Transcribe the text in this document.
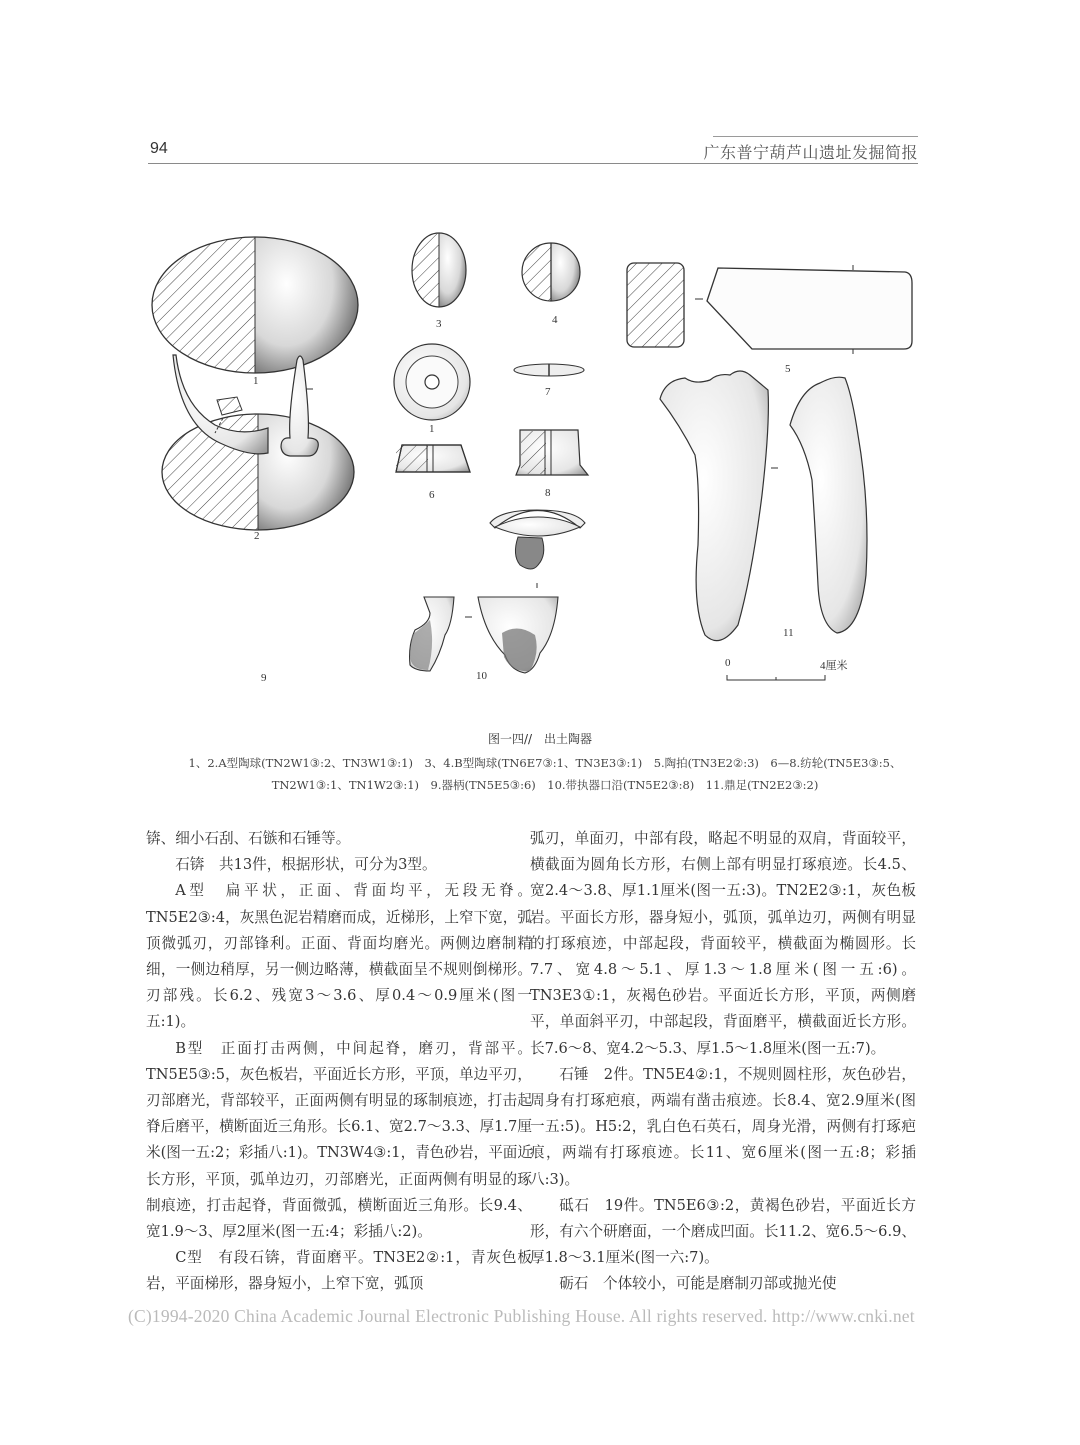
94	广东普宁葫芦山遗址发掘简报
1
2
3	4
5
1
6
7
8
9	10
11
0	4厘米
图一四//　出土陶器
1、2.A型陶球(TN2W1③:2、TN3W1③:1)　3、4.B型陶球(TN6E7③:1、TN3E3③:1)　5.陶拍(TN3E2②:3)　6—8.纺轮(TN5E3③:5、
TN2W1③:1、TN1W2③:1)　9.器柄(TN5E5③:6)　10.带执器口沿(TN5E2③:8)　11.鼎足(TN2E2③:2)

锛、细小石刮、石镞和石锤等。

石锛　共13件，根据形状，可分为3型。

A型　扁平状，正面、背面均平，无段无脊。TN5E2③:4，灰黑色泥岩精磨而成，近梯形，上窄下宽，弧顶微弧刃，刃部锋利。正面、背面均磨光。两侧边磨制精细，一侧边稍厚，另一侧边略薄，横截面呈不规则倒梯形。刃部残。长6.2、残宽3～3.6、厚0.4～0.9厘米(图一五:1)。

B型　正面打击两侧，中间起脊，磨刃，背部平。TN5E5③:5，灰色板岩，平面近长方形，平顶，单边平刃，刃部磨光，背部较平，正面两侧有明显的琢制痕迹，打击起脊后磨平，横断面近三角形。长6.1、宽2.7～3.3、厚1.7厘米(图一五:2；彩插八:1)。TN3W4③:1，青色砂岩，平面近长方形，平顶，弧单边刃，刃部磨光，正面两侧有明显的琢制痕迹，打击起脊，背面微弧，横断面近三角形。长9.4、宽1.9～3、厚2厘米(图一五:4；彩插八:2)。

C型　有段石锛，背面磨平。TN3E2②:1，青灰色板岩，平面梯形，器身短小，上窄下宽，弧顶

弧刃，单面刃，中部有段，略起不明显的双肩，背面较平，横截面为圆角长方形，右侧上部有明显打琢痕迹。长4.5、宽2.4～3.8、厚1.1厘米(图一五:3)。TN2E2③:1，灰色板岩。平面长方形，器身短小，弧顶，弧单边刃，两侧有明显的打琢痕迹，中部起段，背面较平，横截面为椭圆形。长7.7、宽4.8～5.1、厚1.3～1.8厘米(图一五:6)。TN3E3①:1，灰褐色砂岩。平面近长方形，平顶，两侧磨平，单面斜平刃，中部起段，背面磨平，横截面近长方形。长7.6～8、宽4.2～5.3、厚1.5～1.8厘米(图一五:7)。

石锤　2件。TN5E4②:1，不规则圆柱形，灰色砂岩，周身有打琢疤痕，两端有凿击痕迹。长8.4、宽2.9厘米(图一五:5)。H5:2，乳白色石英石，周身光滑，两侧有打琢疤痕，两端有打琢痕迹。长11、宽6厘米(图一五:8；彩插八:3)。

砥石　19件。TN5E6③:2，黄褐色砂岩，平面近长方形，有六个研磨面，一个磨成凹面。长11.2、宽6.5～6.9、厚1.8～3.1厘米(图一六:7)。

砺石　个体较小，可能是磨制刃部或抛光使

(C)1994-2020 China Academic Journal Electronic Publishing House. All rights reserved. http://www.cnki.net
